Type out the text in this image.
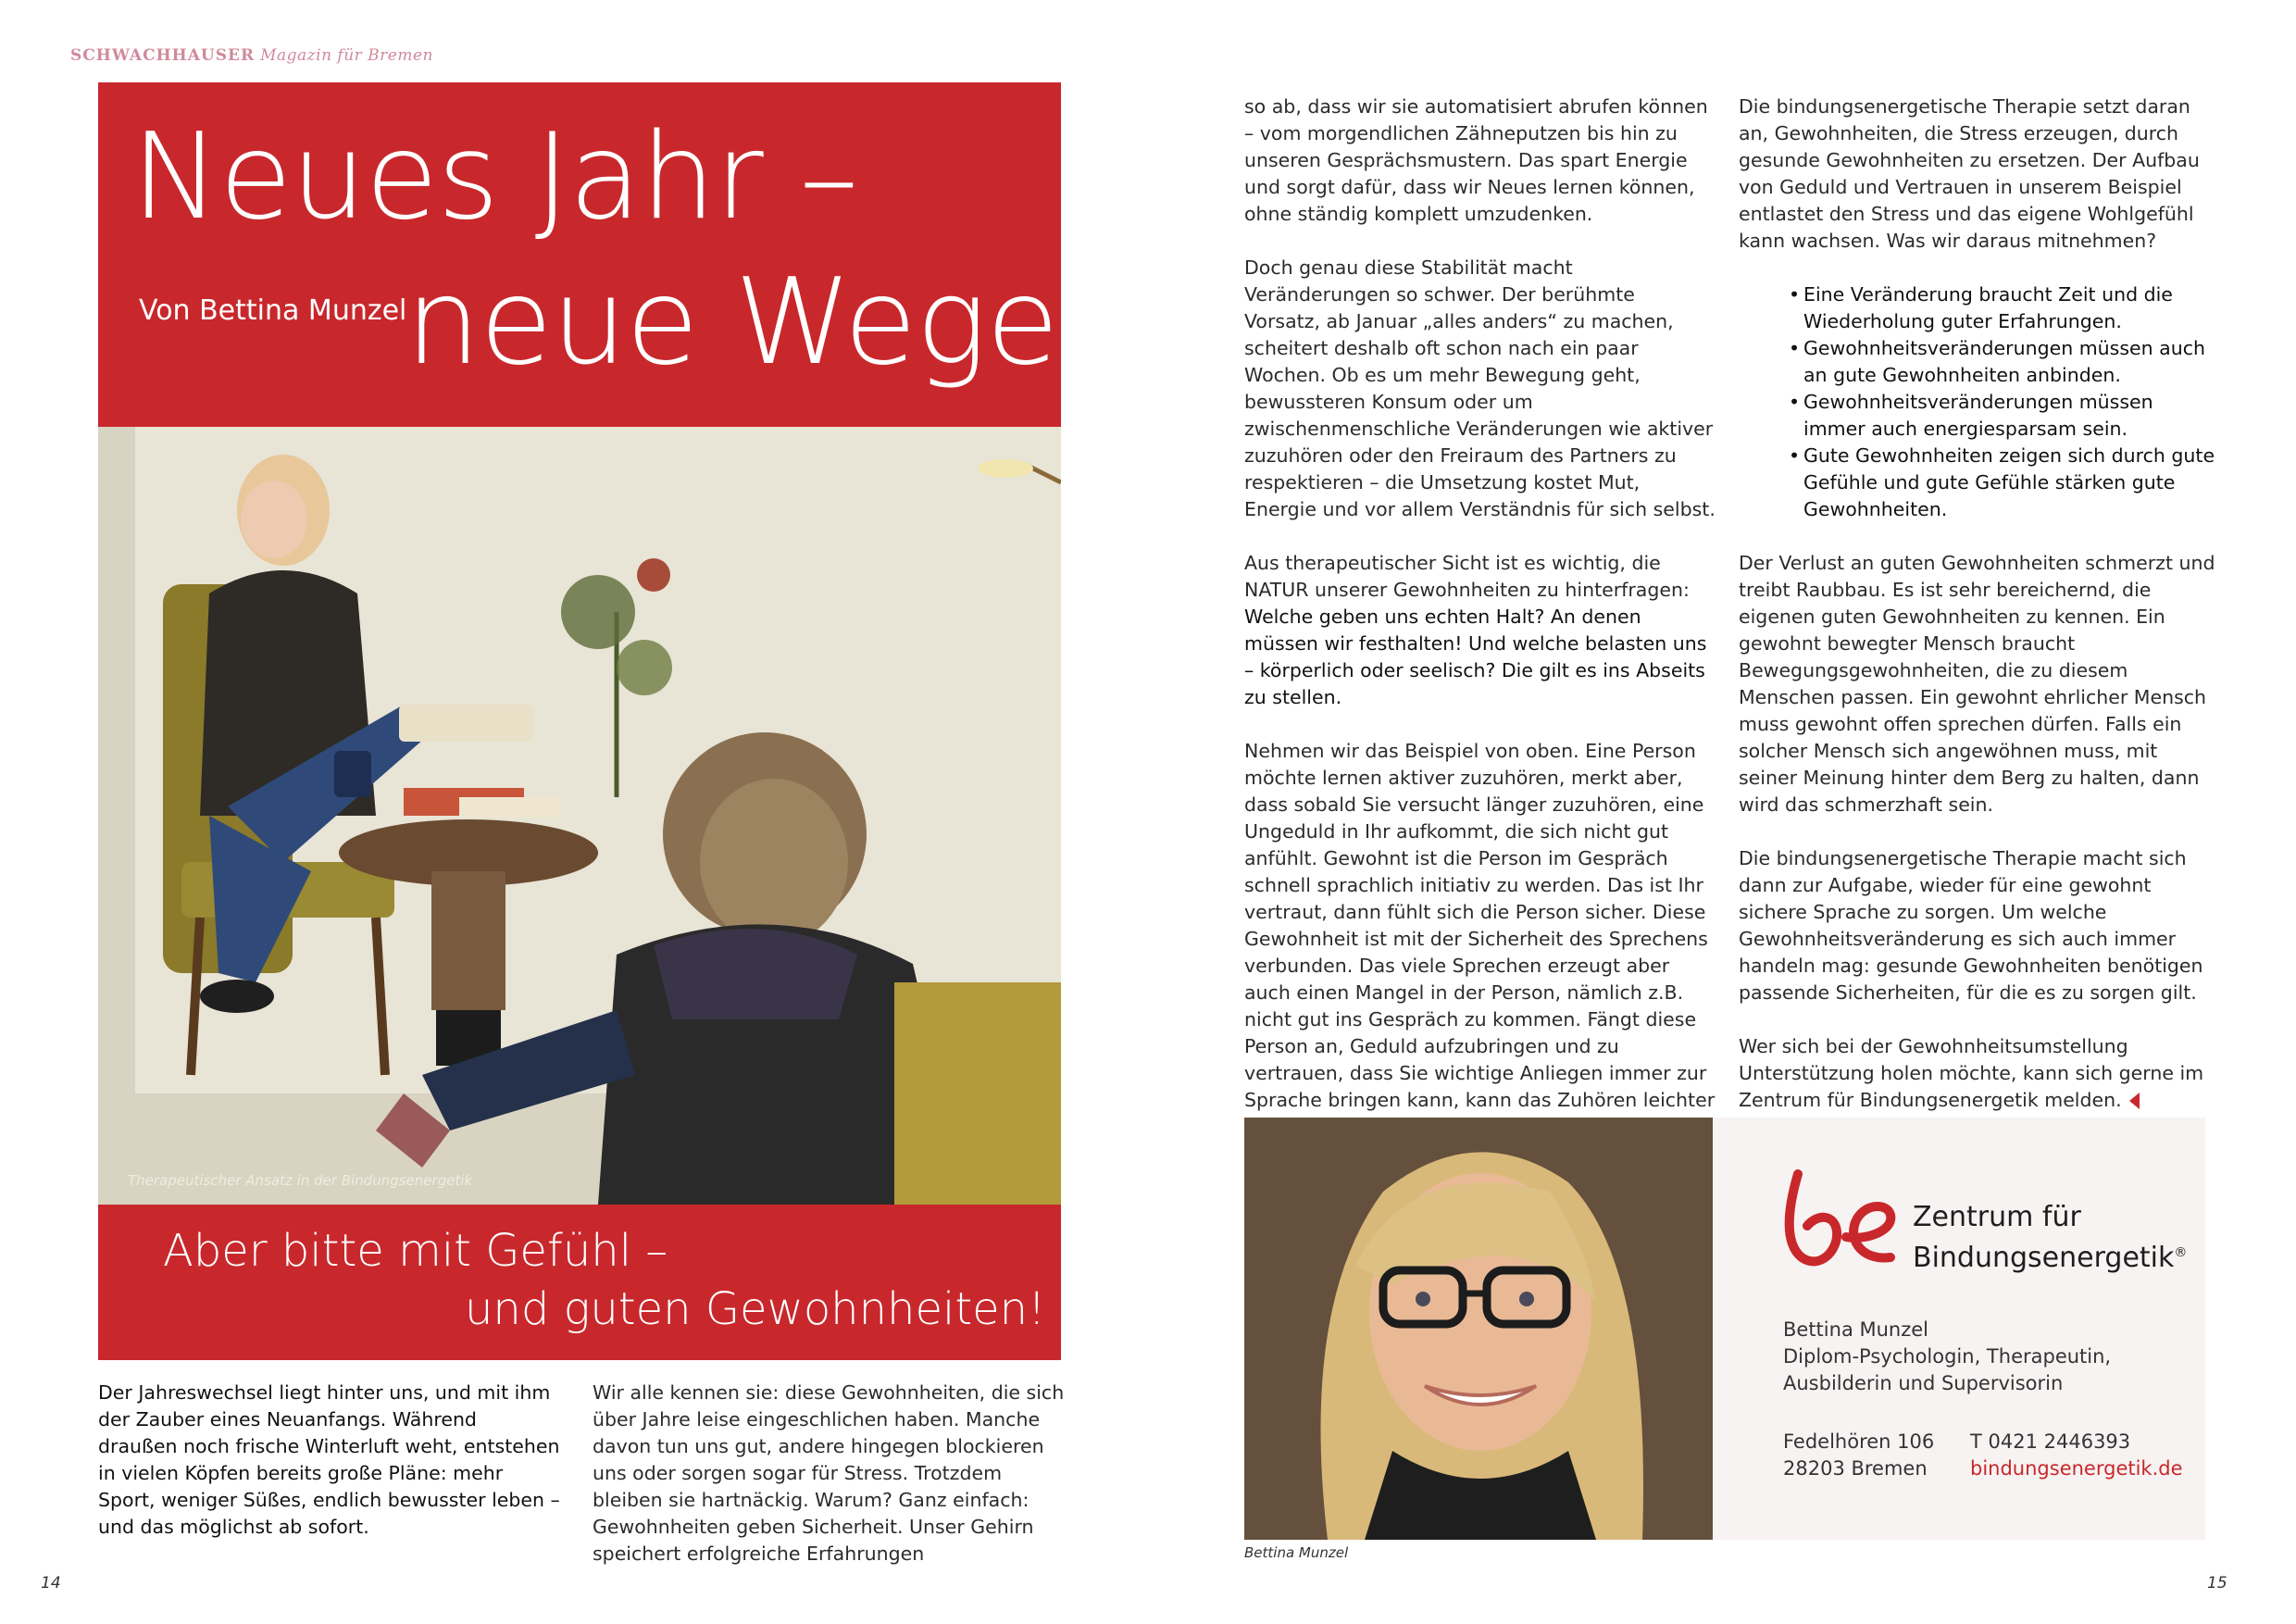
SCHWACHHAUSER Magazin für Bremen
Neues Jahr –
Von Bettina Munzel
neue Wege
Therapeutischer Ansatz in der Bindungsenergetik
Aber bitte mit Gefühl –
und guten Gewohnheiten!

Der Jahreswechsel liegt hinter uns, und mit ihm der Zauber eines Neuanfangs. Während draußen noch frische Winterluft weht, entstehen in vielen Köpfen bereits große Pläne: mehr Sport, weniger Süßes, endlich bewusster leben – und das möglichst ab sofort.

Wir alle kennen sie: diese Gewohnheiten, die sich über Jahre leise eingeschlichen haben. Manche davon tun uns gut, andere hingegen blockieren uns oder sorgen sogar für Stress. Trotzdem bleiben sie hartnäckig. Warum? Ganz einfach: Gewohnheiten geben Sicherheit. Unser Gehirn speichert erfolgreiche Erfahrungen

so ab, dass wir sie automatisiert abrufen können – vom morgendlichen Zähneputzen bis hin zu unseren Gesprächsmustern. Das spart Energie und sorgt dafür, dass wir Neues lernen können, ohne ständig komplett umzudenken.

Doch genau diese Stabilität macht Veränderungen so schwer. Der berühmte Vorsatz, ab Januar „alles anders“ zu machen, scheitert deshalb oft schon nach ein paar Wochen. Ob es um mehr Bewegung geht, bewussteren Konsum oder um zwischenmenschliche Veränderungen wie aktiver zuzuhören oder den Freiraum des Partners zu respektieren – die Umsetzung kostet Mut, Energie und vor allem Verständnis für sich selbst.

Aus therapeutischer Sicht ist es wichtig, die NATUR unserer Gewohnheiten zu hinterfragen:
Welche geben uns echten Halt? An denen müssen wir festhalten! Und welche belasten uns – körperlich oder seelisch? Die gilt es ins Abseits zu stellen.

Nehmen wir das Beispiel von oben. Eine Person möchte lernen aktiver zuzuhören, merkt aber, dass sobald Sie versucht länger zuzuhören, eine Ungeduld in Ihr aufkommt, die sich nicht gut anfühlt. Gewohnt ist die Person im Gespräch schnell sprachlich initiativ zu werden. Das ist Ihr vertraut, dann fühlt sich die Person sicher. Diese Gewohnheit ist mit der Sicherheit des Sprechens verbunden. Das viele Sprechen erzeugt aber auch einen Mangel in der Person, nämlich z.B. nicht gut ins Gespräch zu kommen. Fängt diese Person an, Geduld aufzubringen und zu vertrauen, dass Sie wichtige Anliegen immer zur Sprache bringen kann, kann das Zuhören leichter

Die bindungsenergetische Therapie setzt daran an, Gewohnheiten, die Stress erzeugen, durch gesunde Gewohnheiten zu ersetzen. Der Aufbau von Geduld und Vertrauen in unserem Beispiel entlastet den Stress und das eigene Wohlgefühl kann wachsen. Was wir daraus mitnehmen?

• Eine Veränderung braucht Zeit und die Wiederholung guter Erfahrungen.
• Gewohnheitsveränderungen müssen auch an gute Gewohnheiten anbinden.
• Gewohnheitsveränderungen müssen immer auch energiesparsam sein.
• Gute Gewohnheiten zeigen sich durch gute Gefühle und gute Gefühle stärken gute Gewohnheiten.

Der Verlust an guten Gewohnheiten schmerzt und treibt Raubbau. Es ist sehr bereichernd, die eigenen guten Gewohnheiten zu kennen. Ein gewohnt bewegter Mensch braucht Bewegungsgewohnheiten, die zu diesem Menschen passen. Ein gewohnt ehrlicher Mensch muss gewohnt offen sprechen dürfen. Falls ein solcher Mensch sich angewöhnen muss, mit seiner Meinung hinter dem Berg zu halten, dann wird das schmerzhaft sein.

Die bindungsenergetische Therapie macht sich dann zur Aufgabe, wieder für eine gewohnt sichere Sprache zu sorgen. Um welche Gewohnheitsveränderung es sich auch immer handeln mag: gesunde Gewohnheiten benötigen passende Sicherheiten, für die es zu sorgen gilt.

Wer sich bei der Gewohnheitsumstellung Unterstützung holen möchte, kann sich gerne im Zentrum für Bindungsenergetik melden.

Bettina Munzel
Zentrum für
Bindungsenergetik®
Bettina Munzel
Diplom-Psychologin, Therapeutin,
Ausbilderin und Supervisorin
Fedelhören 106
28203 Bremen
T 0421 2446393
bindungsenergetik.de
14	15
